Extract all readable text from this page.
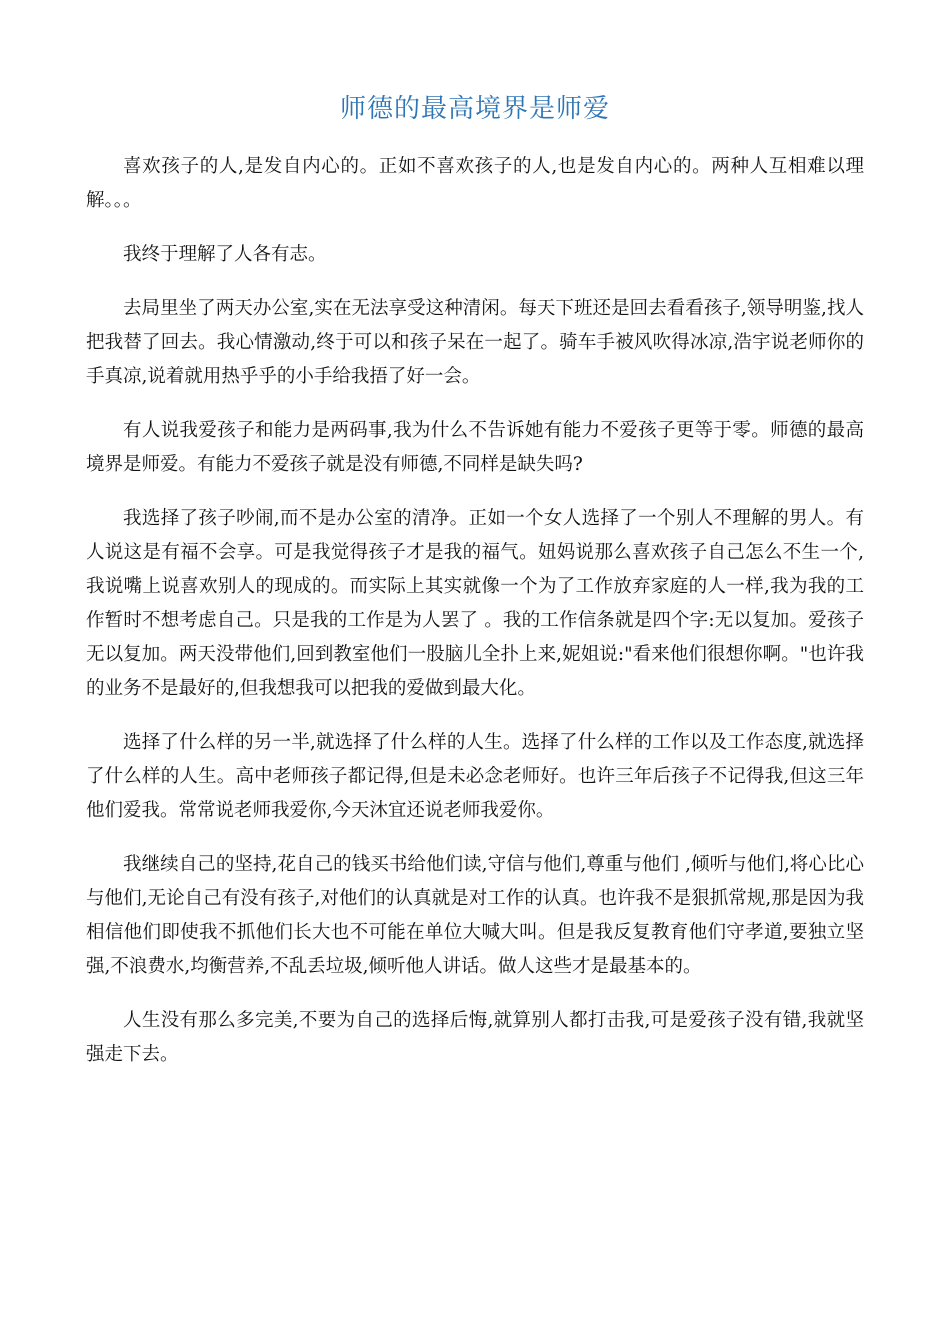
师德的最高境界是师爱

喜欢孩子的人,是发自内心的。正如不喜欢孩子的人,也是发自内心的。两种人互相难以理解。。。

我终于理解了人各有志。

去局里坐了两天办公室,实在无法享受这种清闲。每天下班还是回去看看孩子,领导明鉴,找人把我替了回去。我心情激动,终于可以和孩子呆在一起了。骑车手被风吹得冰凉,浩宇说老师你的手真凉,说着就用热乎乎的小手给我捂了好一会。

有人说我爱孩子和能力是两码事,我为什么不告诉她有能力不爱孩子更等于零。师德的最高境界是师爱。有能力不爱孩子就是没有师德,不同样是缺失吗?

我选择了孩子吵闹,而不是办公室的清净。正如一个女人选择了一个别人不理解的男人。有人说这是有福不会享。可是我觉得孩子才是我的福气。妞妈说那么喜欢孩子自己怎么不生一个,我说嘴上说喜欢别人的现成的。而实际上其实就像一个为了工作放弃家庭的人一样,我为我的工作暂时不想考虑自己。只是我的工作是为人罢了 。我的工作信条就是四个字:无以复加。爱孩子无以复加。两天没带他们,回到教室他们一股脑儿全扑上来,妮姐说:"看来他们很想你啊。"也许我的业务不是最好的,但我想我可以把我的爱做到最大化。

选择了什么样的另一半,就选择了什么样的人生。选择了什么样的工作以及工作态度,就选择了什么样的人生。高中老师孩子都记得,但是未必念老师好。也许三年后孩子不记得我,但这三年他们爱我。常常说老师我爱你,今天沐宜还说老师我爱你。

我继续自己的坚持,花自己的钱买书给他们读,守信与他们,尊重与他们 ,倾听与他们,将心比心与他们,无论自己有没有孩子,对他们的认真就是对工作的认真。也许我不是狠抓常规,那是因为我相信他们即使我不抓他们长大也不可能在单位大喊大叫。但是我反复教育他们守孝道,要独立坚强,不浪费水,均衡营养,不乱丢垃圾,倾听他人讲话。做人这些才是最基本的。

人生没有那么多完美,不要为自己的选择后悔,就算别人都打击我,可是爱孩子没有错,我就坚强走下去。
